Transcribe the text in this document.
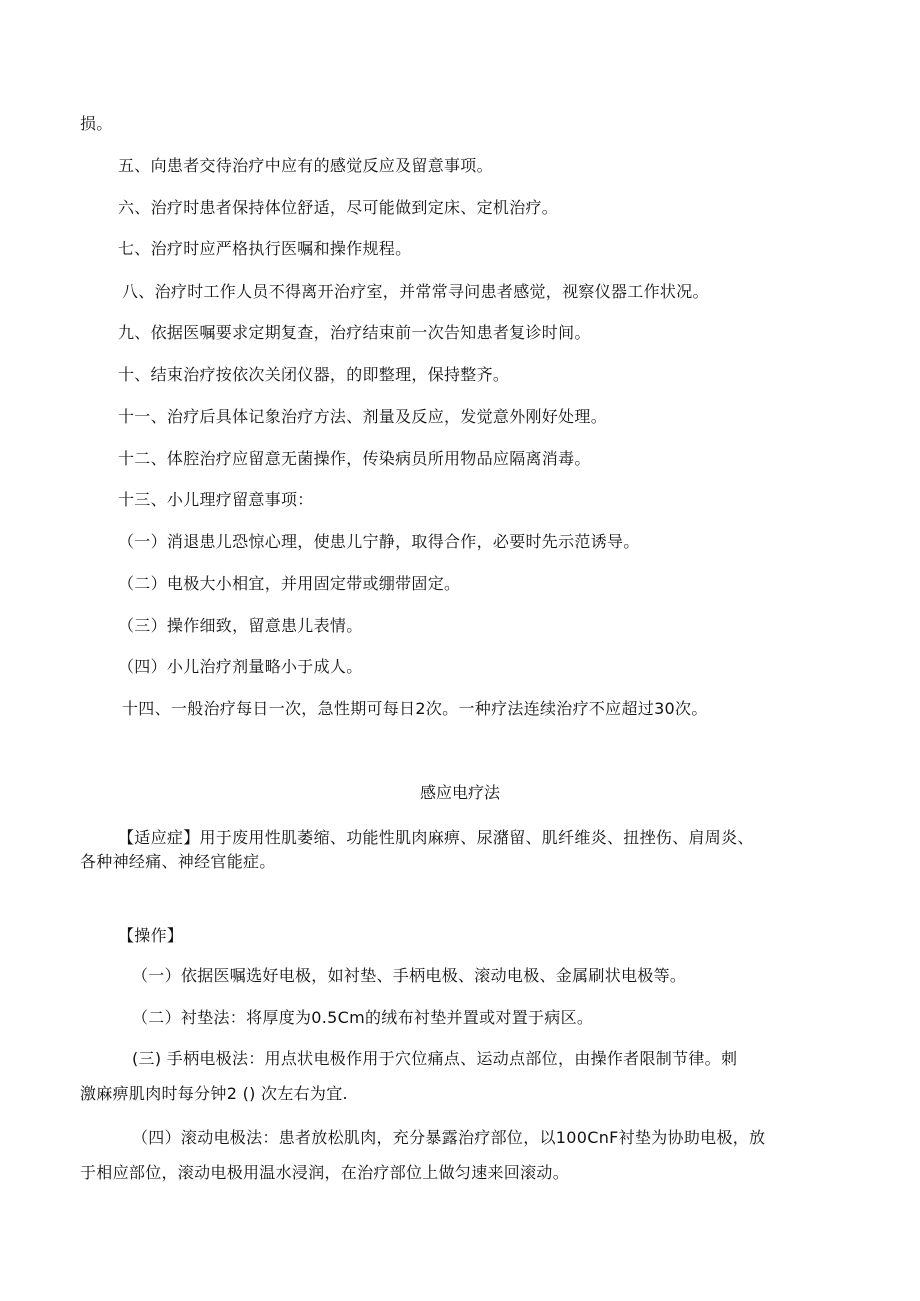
损。
五、向患者交待治疗中应有的感觉反应及留意事项。
六、治疗时患者保持体位舒适，尽可能做到定床、定机治疗。
七、治疗时应严格执行医嘱和操作规程。
八、治疗时工作人员不得离开治疗室，并常常寻问患者感觉，视察仪器工作状况。
九、依据医嘱要求定期复查，治疗结束前一次告知患者复诊时间。
十、结束治疗按依次关闭仪器，的即整理，保持整齐。
十一、治疗后具体记象治疗方法、剂量及反应，发觉意外刚好处理。
十二、体腔治疗应留意无菌操作，传染病员所用物品应隔离消毒。
十三、小儿理疗留意事项：
（一）消退患儿恐惊心理，使患儿宁静，取得合作，必要时先示范诱导。
（二）电极大小相宜，并用固定带或绷带固定。
（三）操作细致，留意患儿表情。
（四）小儿治疗剂量略小于成人。
十四、一般治疗每日一次，急性期可每日2次。一种疗法连续治疗不应超过30次。
感应电疗法
【适应症】用于废用性肌萎缩、功能性肌肉麻痹、尿潴留、肌纤维炎、扭挫伤、肩周炎、
各种神经痛、神经官能症。
【操作】
（一）依据医嘱选好电极，如衬垫、手柄电极、滚动电极、金属刷状电极等。
（二）衬垫法：将厚度为0.5Cm的绒布衬垫并置或对置于病区。
(三) 手柄电极法：用点状电极作用于穴位痛点、运动点部位，由操作者限制节律。刺
激麻痹肌肉时每分钟2 () 次左右为宜.
（四）滚动电极法：患者放松肌肉，充分暴露治疗部位，以100CnF衬垫为协助电极，放
于相应部位，滚动电极用温水浸润，在治疗部位上做匀速来回滚动。
